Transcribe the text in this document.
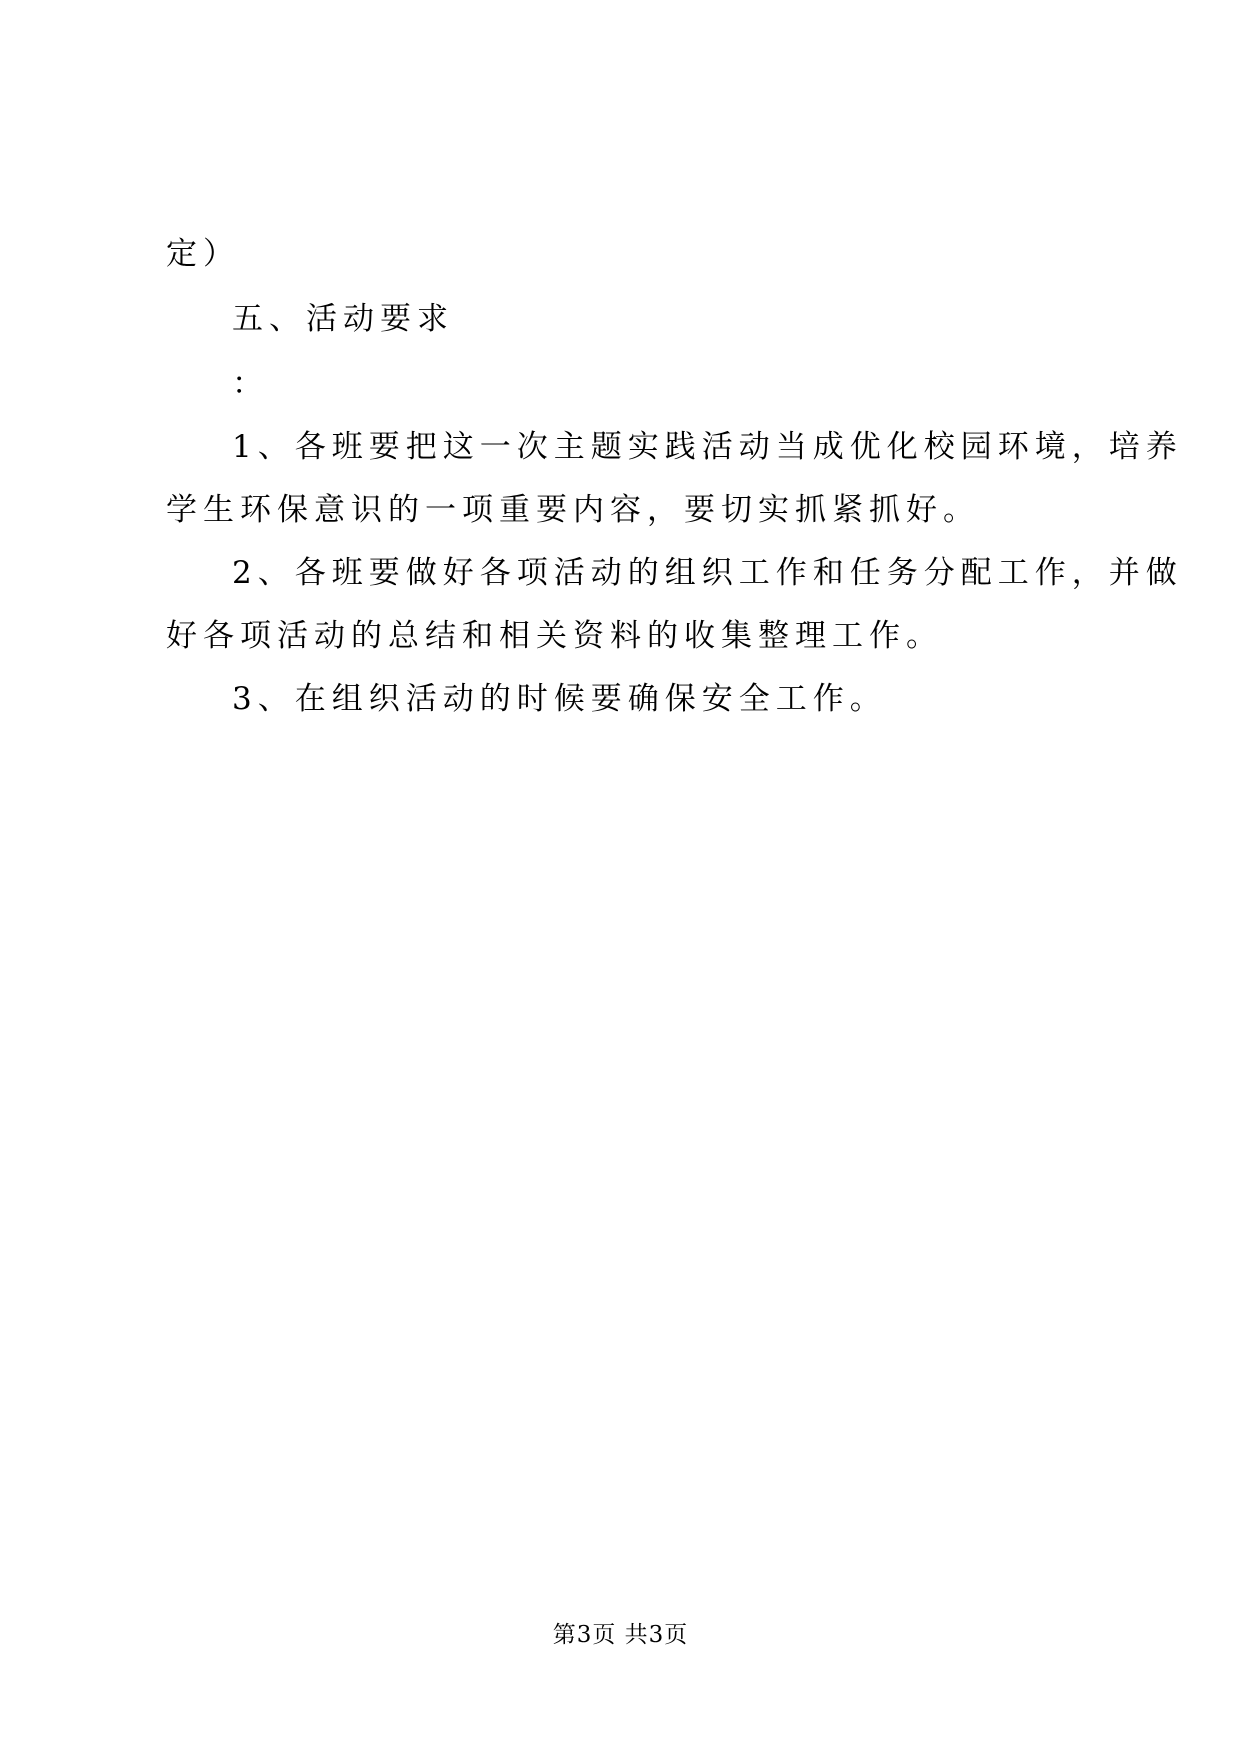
定）
五、活动要求
：
1、各班要把这一次主题实践活动当成优化校园环境，培养
学生环保意识的一项重要内容，要切实抓紧抓好。
2、各班要做好各项活动的组织工作和任务分配工作，并做
好各项活动的总结和相关资料的收集整理工作。
3、在组织活动的时候要确保安全工作。
第3页 共3页
